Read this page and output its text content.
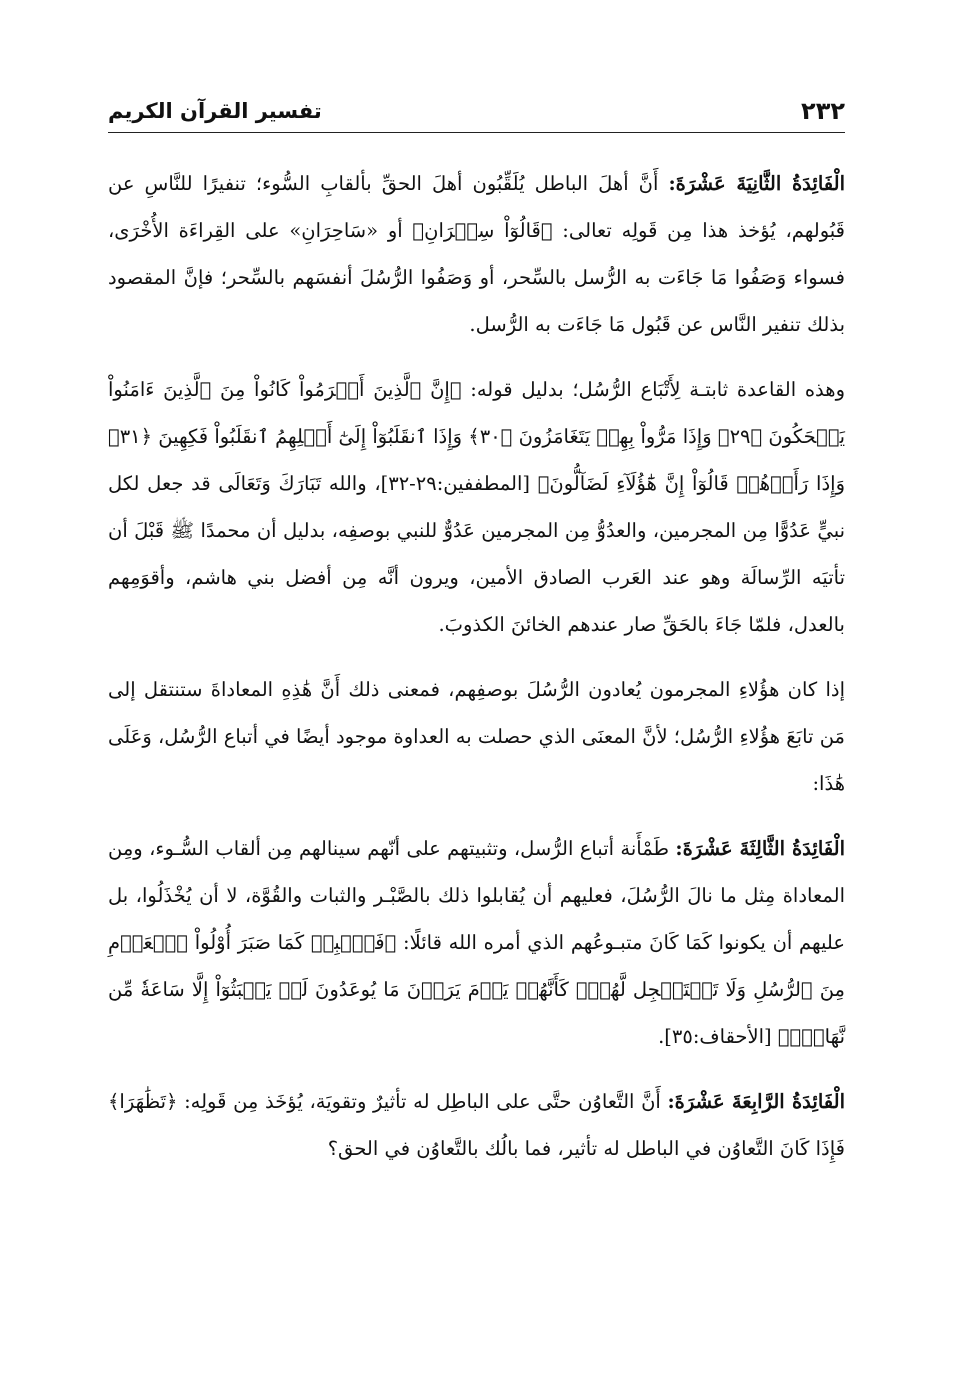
٢٣٢
تفسير القرآن الكريم

الْفَائِدَةُ الثَّانِيَةَ عَشْرَةَ: أَنَّ أهلَ الباطل يُلَقِّبُون أهلَ الحقِّ بألقابِ السُّوء؛ تنفيرًا للنَّاسِ عن قَبُولهم، يُؤخذ هذا مِن قَولِه تعالى: ﴿قَالُوٓاْ سِحۡرَانِ﴾ أو «سَاحِرَانِ» على القِراءَة الأُخْرَى، فسواء وَصَفُوا مَا جَاءَت به الرُّسل بالسِّحر، أو وَصَفُوا الرُّسُلَ أنفسَهم بالسِّحر؛ فإنَّ المقصود بذلك تنفير النَّاس عن قَبُول مَا جَاءَت به الرُّسل.

وهذه القاعدة ثابتـة لِأَتْبَاع الرُّسُل؛ بدليل قوله: ﴿إِنَّ ٱلَّذِينَ أَجۡرَمُواْ كَانُواْ مِنَ ٱلَّذِينَ ءَامَنُواْ يَضۡحَكُونَ ﴿٢٩﴾ وَإِذَا مَرُّواْ بِهِمۡ يَتَغَامَزُونَ ﴿٣٠﴾ وَإِذَا ٱنقَلَبُوٓاْ إِلَىٰٓ أَهۡلِهِمُ ٱنقَلَبُواْ فَكِهِينَ ﴿٣١﴾ وَإِذَا رَأَوۡهُمۡ قَالُوٓاْ إِنَّ هَٰٓؤُلَآءِ لَضَآلُّونَ﴾ [المطففين:٢٩-٣٢]، والله تَبَارَكَ وَتَعَالَى قد جعل لكل نبيٍّ عَدُوًّا مِن المجرمين، والعدُوُّ مِن المجرمين عَدُوٌّ للنبي بوصفِه، بدليل أن محمدًا ﷺ قَبْلَ أن تأتيَه الرِّسالَة وهو عند العَرب الصادق الأمين، ويرون أنَّه مِن أفضل بني هاشم، وأقوَمِهم بالعدل، فلمّا جَاءَ بالحَقِّ صار عندهم الخائنَ الكذوبَ.

إذا كان هؤُلاءِ المجرمون يُعادون الرُّسُلَ بوصفِهم، فمعنى ذلك أَنَّ هَٰذِهِ المعاداةَ ستنتقل إلى مَن تابَعَ هؤُلاءِ الرُّسُل؛ لأنَّ المعنَى الذي حصلت به العداوة موجود أيضًا في أتباع الرُّسُل، وَعَلَى هَٰذَا:

الْفَائِدَةُ الثَّالِثَةَ عَشْرَةَ: طَمْأَنة أتباع الرُّسل، وتثبيتهم على أنّهم سينالهم مِن ألقاب السُّـوء، ومِن المعاداة مِثل ما نالَ الرُّسُلَ، فعليهم أن يُقابلوا ذلك بالصَّبْـر والثبات والقُوَّة، لا أن يُخْذَلُوا، بل عليهم أن يكونوا كَمَا كَانَ متبـوعُهم الذي أمره الله قائلًا: ﴿فَٱصۡبِرۡ كَمَا صَبَرَ أُوْلُواْ ٱلۡعَزۡمِ مِنَ ٱلرُّسُلِ وَلَا تَسۡتَعۡجِل لَّهُمۡۚ كَأَنَّهُمۡ يَوۡمَ يَرَوۡنَ مَا يُوعَدُونَ لَمۡ يَلۡبَثُوٓاْ إِلَّا سَاعَةٗ مِّن نَّهَارٍۚ﴾ [الأحقاف:٣٥].

الْفَائِدَةُ الرَّابِعَةَ عَشْرَةَ: أَنَّ التَّعاوُن حتَّى على الباطِل له تأثيرٌ وتقويَة، يُؤخَذ مِن قَولِه: ﴿تَظَٰهَرَا﴾ فَإِذَا كَانَ التَّعاوُن في الباطل له تأثير، فما بالُك بالتَّعاوُن في الحق؟
